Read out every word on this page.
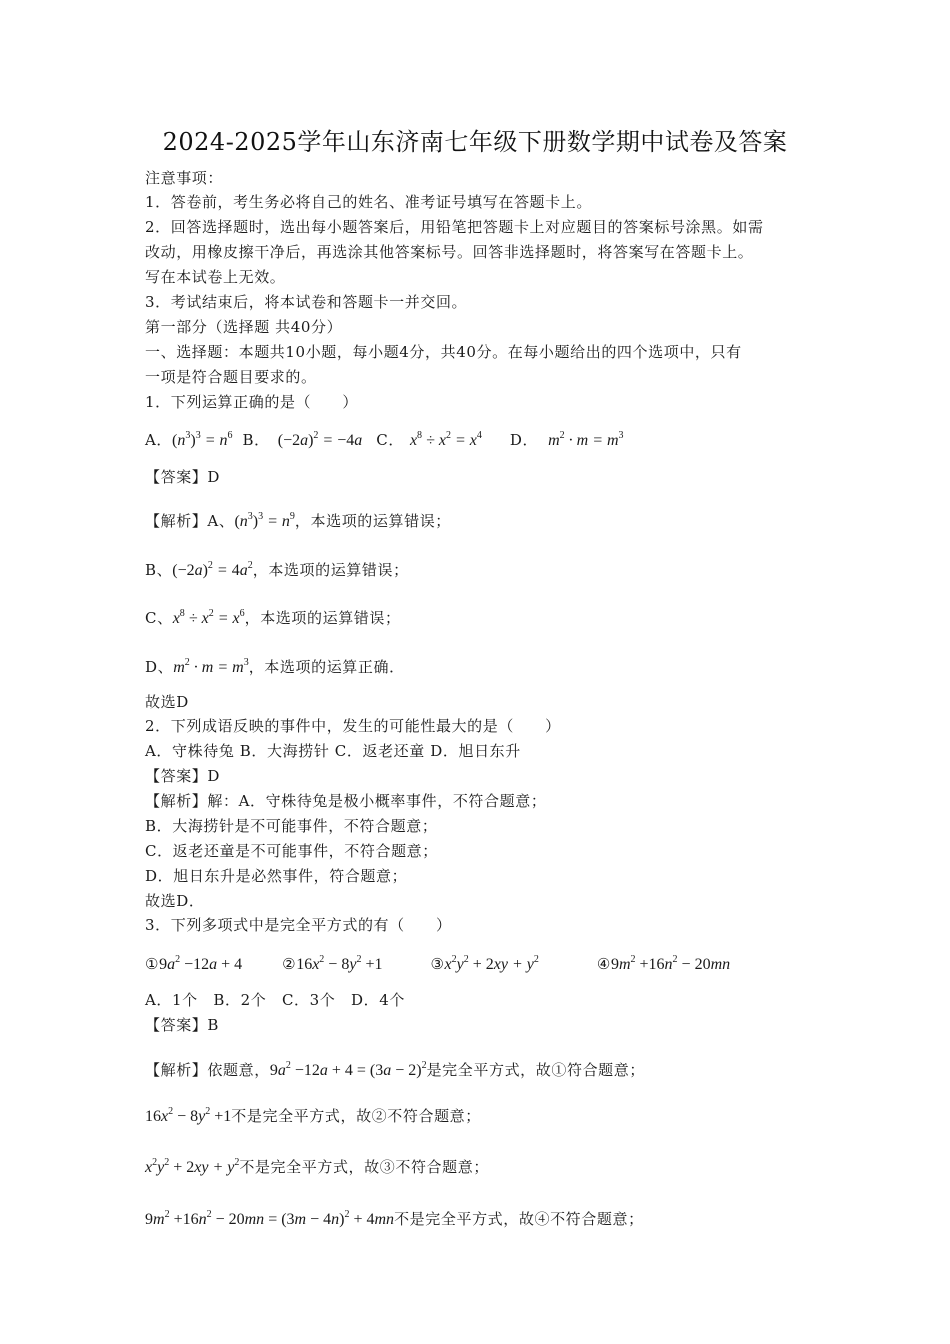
2024-2025学年山东济南七年级下册数学期中试卷及答案
注意事项：
1．答卷前，考生务必将自己的姓名、准考证号填写在答题卡上。
2．回答选择题时，选出每小题答案后，用铅笔把答题卡上对应题目的答案标号涂黑。如需
改动，用橡皮擦干净后，再选涂其他答案标号。回答非选择题时，将答案写在答题卡上。
写在本试卷上无效。
3．考试结束后，将本试卷和答题卡一并交回。
第一部分（选择题 共40分）
一、选择题：本题共10小题，每小题4分，共40分。在每小题给出的四个选项中，只有
一项是符合题目要求的。
1．下列运算正确的是（　　）
A．$(n^3)^3 = n^6$ B． $(-2a)^2 = -4a$ C． $x^8 \div x^2 = x^4$ D． $m^2 \cdot m = m^3$
【答案】D
【解析】A、$(n^3)^3 = n^9$，本选项的运算错误；
B、$(-2a)^2 = 4a^2$，本选项的运算错误；
C、$x^8 \div x^2 = x^6$，本选项的运算错误；
D、$m^2 \cdot m = m^3$，本选项的运算正确．
故选D
2．下列成语反映的事件中，发生的可能性最大的是（　　）
A．守株待兔 B．大海捞针 C．返老还童 D．旭日东升
【答案】D
【解析】解：A．守株待兔是极小概率事件，不符合题意；
B．大海捞针是不可能事件，不符合题意；
C．返老还童是不可能事件，不符合题意；
D．旭日东升是必然事件，符合题意；
故选D．
3．下列多项式中是完全平方式的有（　　）
$①9a^2 -12a + 4$	$②16x^2 - 8y^2 +1$	$③x^2y^2 + 2xy + y^2$	$④9m^2 +16n^2 - 20mn$
A．1个　B．2个　C．3个　D．4个
【答案】B
【解析】依题意，$9a^2 -12a + 4 = (3a - 2)^2$是完全平方式，故①符合题意；
$16x^2 - 8y^2 +1$不是完全平方式，故②不符合题意；
$x^2y^2 + 2xy + y^2$不是完全平方式，故③不符合题意；
$9m^2 +16n^2 - 20mn = (3m - 4n)^2 + 4mn$不是完全平方式，故④不符合题意；
